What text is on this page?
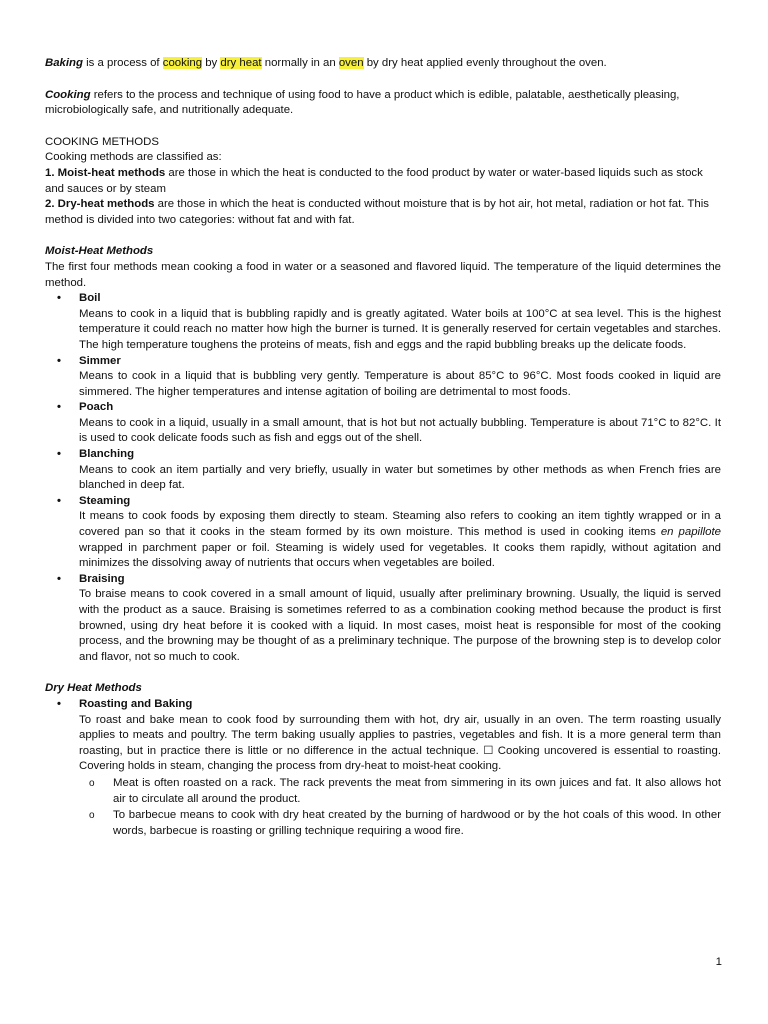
Baking is a process of cooking by dry heat normally in an oven by dry heat applied evenly throughout the oven.

Cooking refers to the process and technique of using food to have a product which is edible, palatable, aesthetically pleasing, microbiologically safe, and nutritionally adequate.

COOKING METHODS

Cooking methods are classified as:

1. Moist-heat methods are those in which the heat is conducted to the food product by water or water-based liquids such as stock and sauces or by steam

2. Dry-heat methods are those in which the heat is conducted without moisture that is by hot air, hot metal, radiation or hot fat. This method is divided into two categories: without fat and with fat.

Moist-Heat Methods

The first four methods mean cooking a food in water or a seasoned and flavored liquid. The temperature of the liquid determines the method.

• Boil
Means to cook in a liquid that is bubbling rapidly and is greatly agitated. Water boils at 100°C at sea level. This is the highest temperature it could reach no matter how high the burner is turned. It is generally reserved for certain vegetables and starches. The high temperature toughens the proteins of meats, fish and eggs and the rapid bubbling breaks up the delicate foods.
• Simmer
Means to cook in a liquid that is bubbling very gently. Temperature is about 85°C to 96°C. Most foods cooked in liquid are simmered. The higher temperatures and intense agitation of boiling are detrimental to most foods.
• Poach
Means to cook in a liquid, usually in a small amount, that is hot but not actually bubbling. Temperature is about 71°C to 82°C. It is used to cook delicate foods such as fish and eggs out of the shell.
• Blanching
Means to cook an item partially and very briefly, usually in water but sometimes by other methods as when French fries are blanched in deep fat.
• Steaming
It means to cook foods by exposing them directly to steam. Steaming also refers to cooking an item tightly wrapped or in a covered pan so that it cooks in the steam formed by its own moisture. This method is used in cooking items en papillote wrapped in parchment paper or foil. Steaming is widely used for vegetables. It cooks them rapidly, without agitation and minimizes the dissolving away of nutrients that occurs when vegetables are boiled.
• Braising
To braise means to cook covered in a small amount of liquid, usually after preliminary browning. Usually, the liquid is served with the product as a sauce. Braising is sometimes referred to as a combination cooking method because the product is first browned, using dry heat before it is cooked with a liquid. In most cases, moist heat is responsible for most of the cooking process, and the browning may be thought of as a preliminary technique. The purpose of the browning step is to develop color and flavor, not so much to cook.

Dry Heat Methods

• Roasting and Baking
To roast and bake mean to cook food by surrounding them with hot, dry air, usually in an oven. The term roasting usually applies to meats and poultry. The term baking usually applies to pastries, vegetables and fish. It is a more general term than roasting, but in practice there is little or no difference in the actual technique. ☐ Cooking uncovered is essential to roasting. Covering holds in steam, changing the process from dry-heat to moist-heat cooking.
o Meat is often roasted on a rack. The rack prevents the meat from simmering in its own juices and fat. It also allows hot air to circulate all around the product.
o To barbecue means to cook with dry heat created by the burning of hardwood or by the hot coals of this wood. In other words, barbecue is roasting or grilling technique requiring a wood fire.
1
